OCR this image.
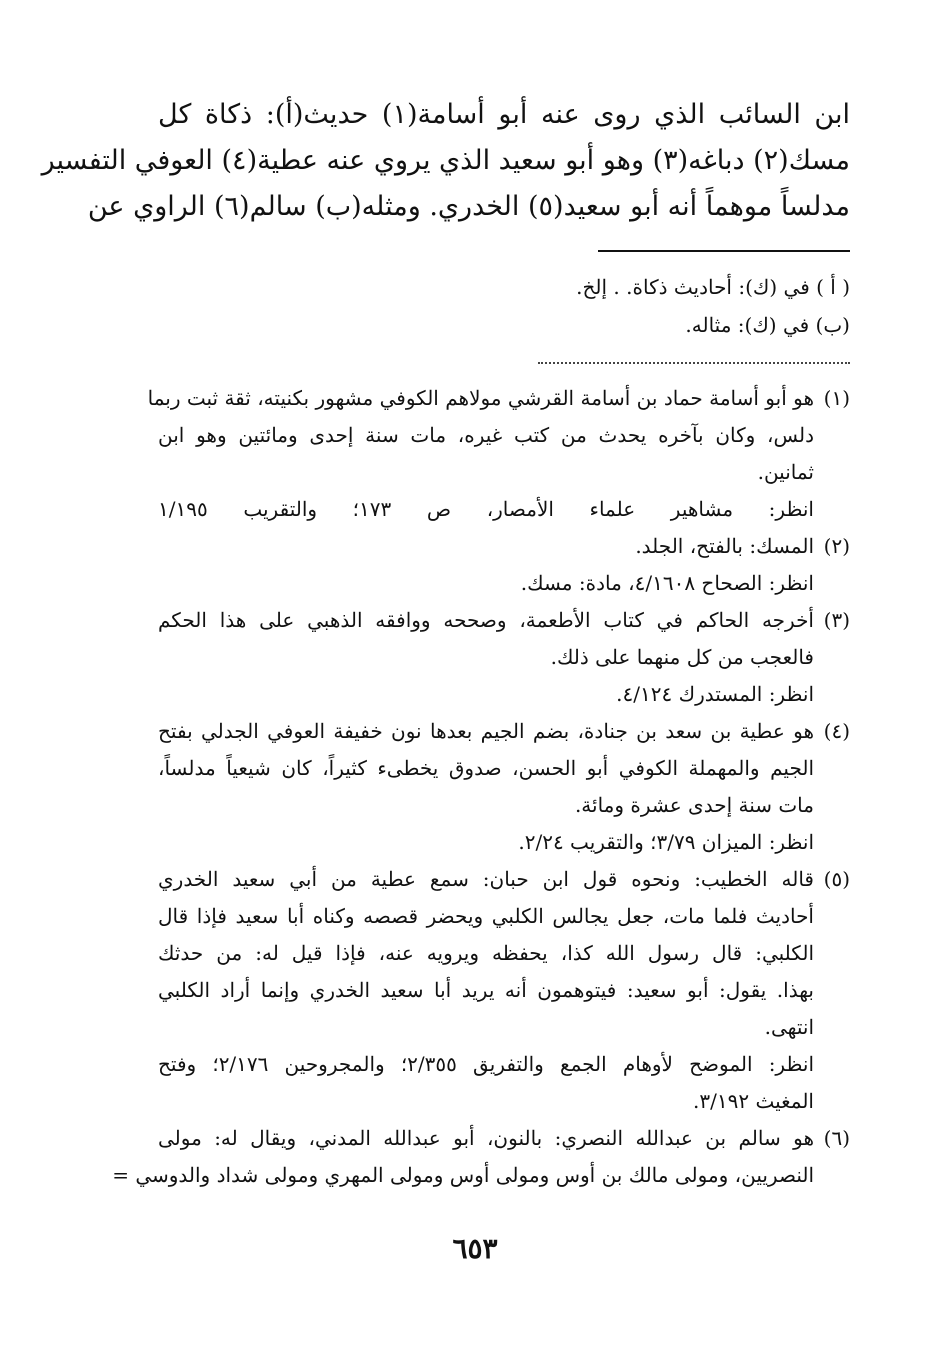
ابن السائب الذي روى عنه أبو أسامة(١) حديث(أ): ذكاة كل
مسك(٢) دباغه(٣) وهو أبو سعيد الذي يروي عنه عطية(٤) العوفي التفسير
مدلساً موهماً أنه أبو سعيد(٥) الخدري. ومثله(ب) سالم(٦) الراوي عن
( أ ) في (ك): أحاديث ذكاة. . إلخ.
(ب) في (ك): مثاله.
(١)
هو أبو أسامة حماد بن أسامة القرشي مولاهم الكوفي مشهور بكنيته، ثقة ثبت ربما
دلس، وكان بآخره يحدث من كتب غيره، مات سنة إحدى ومائتين وهو ابن
ثمانين.
انظر: مشاهير علماء الأمصار، ص ١٧٣؛ والتقريب ١/١٩٥
(٢)
المسك: بالفتح، الجلد.
انظر: الصحاح ٤/١٦٠٨، مادة: مسك.
(٣)
أخرجه الحاكم في كتاب الأطعمة، وصححه ووافقه الذهبي على هذا الحكم
فالعجب من كل منهما على ذلك.
انظر: المستدرك ٤/١٢٤.
(٤)
هو عطية بن سعد بن جنادة، بضم الجيم بعدها نون خفيفة العوفي الجدلي بفتح
الجيم والمهملة الكوفي أبو الحسن، صدوق يخطىء كثيراً، كان شيعياً مدلساً،
مات سنة إحدى عشرة ومائة.
انظر: الميزان ٣/٧٩؛ والتقريب ٢/٢٤.
(٥)
قاله الخطيب: ونحوه قول ابن حبان: سمع عطية من أبي سعيد الخدري
أحاديث فلما مات، جعل يجالس الكلبي ويحضر قصصه وكناه أبا سعيد فإذا قال
الكلبي: قال رسول الله كذا، يحفظه ويرويه عنه، فإذا قيل له: من حدثك
بهذا. يقول: أبو سعيد: فيتوهمون أنه يريد أبا سعيد الخدري وإنما أراد الكلبي
انتهى.
انظر: الموضح لأوهام الجمع والتفريق ٢/٣٥٥؛ والمجروحين ٢/١٧٦؛ وفتح
المغيث ٣/١٩٢.
(٦)
هو سالم بن عبدالله النصري: بالنون، أبو عبدالله المدني، ويقال له: مولى
النصريين، ومولى مالك بن أوس ومولى أوس ومولى المهري ومولى شداد والدوسي =
٦٥٣
